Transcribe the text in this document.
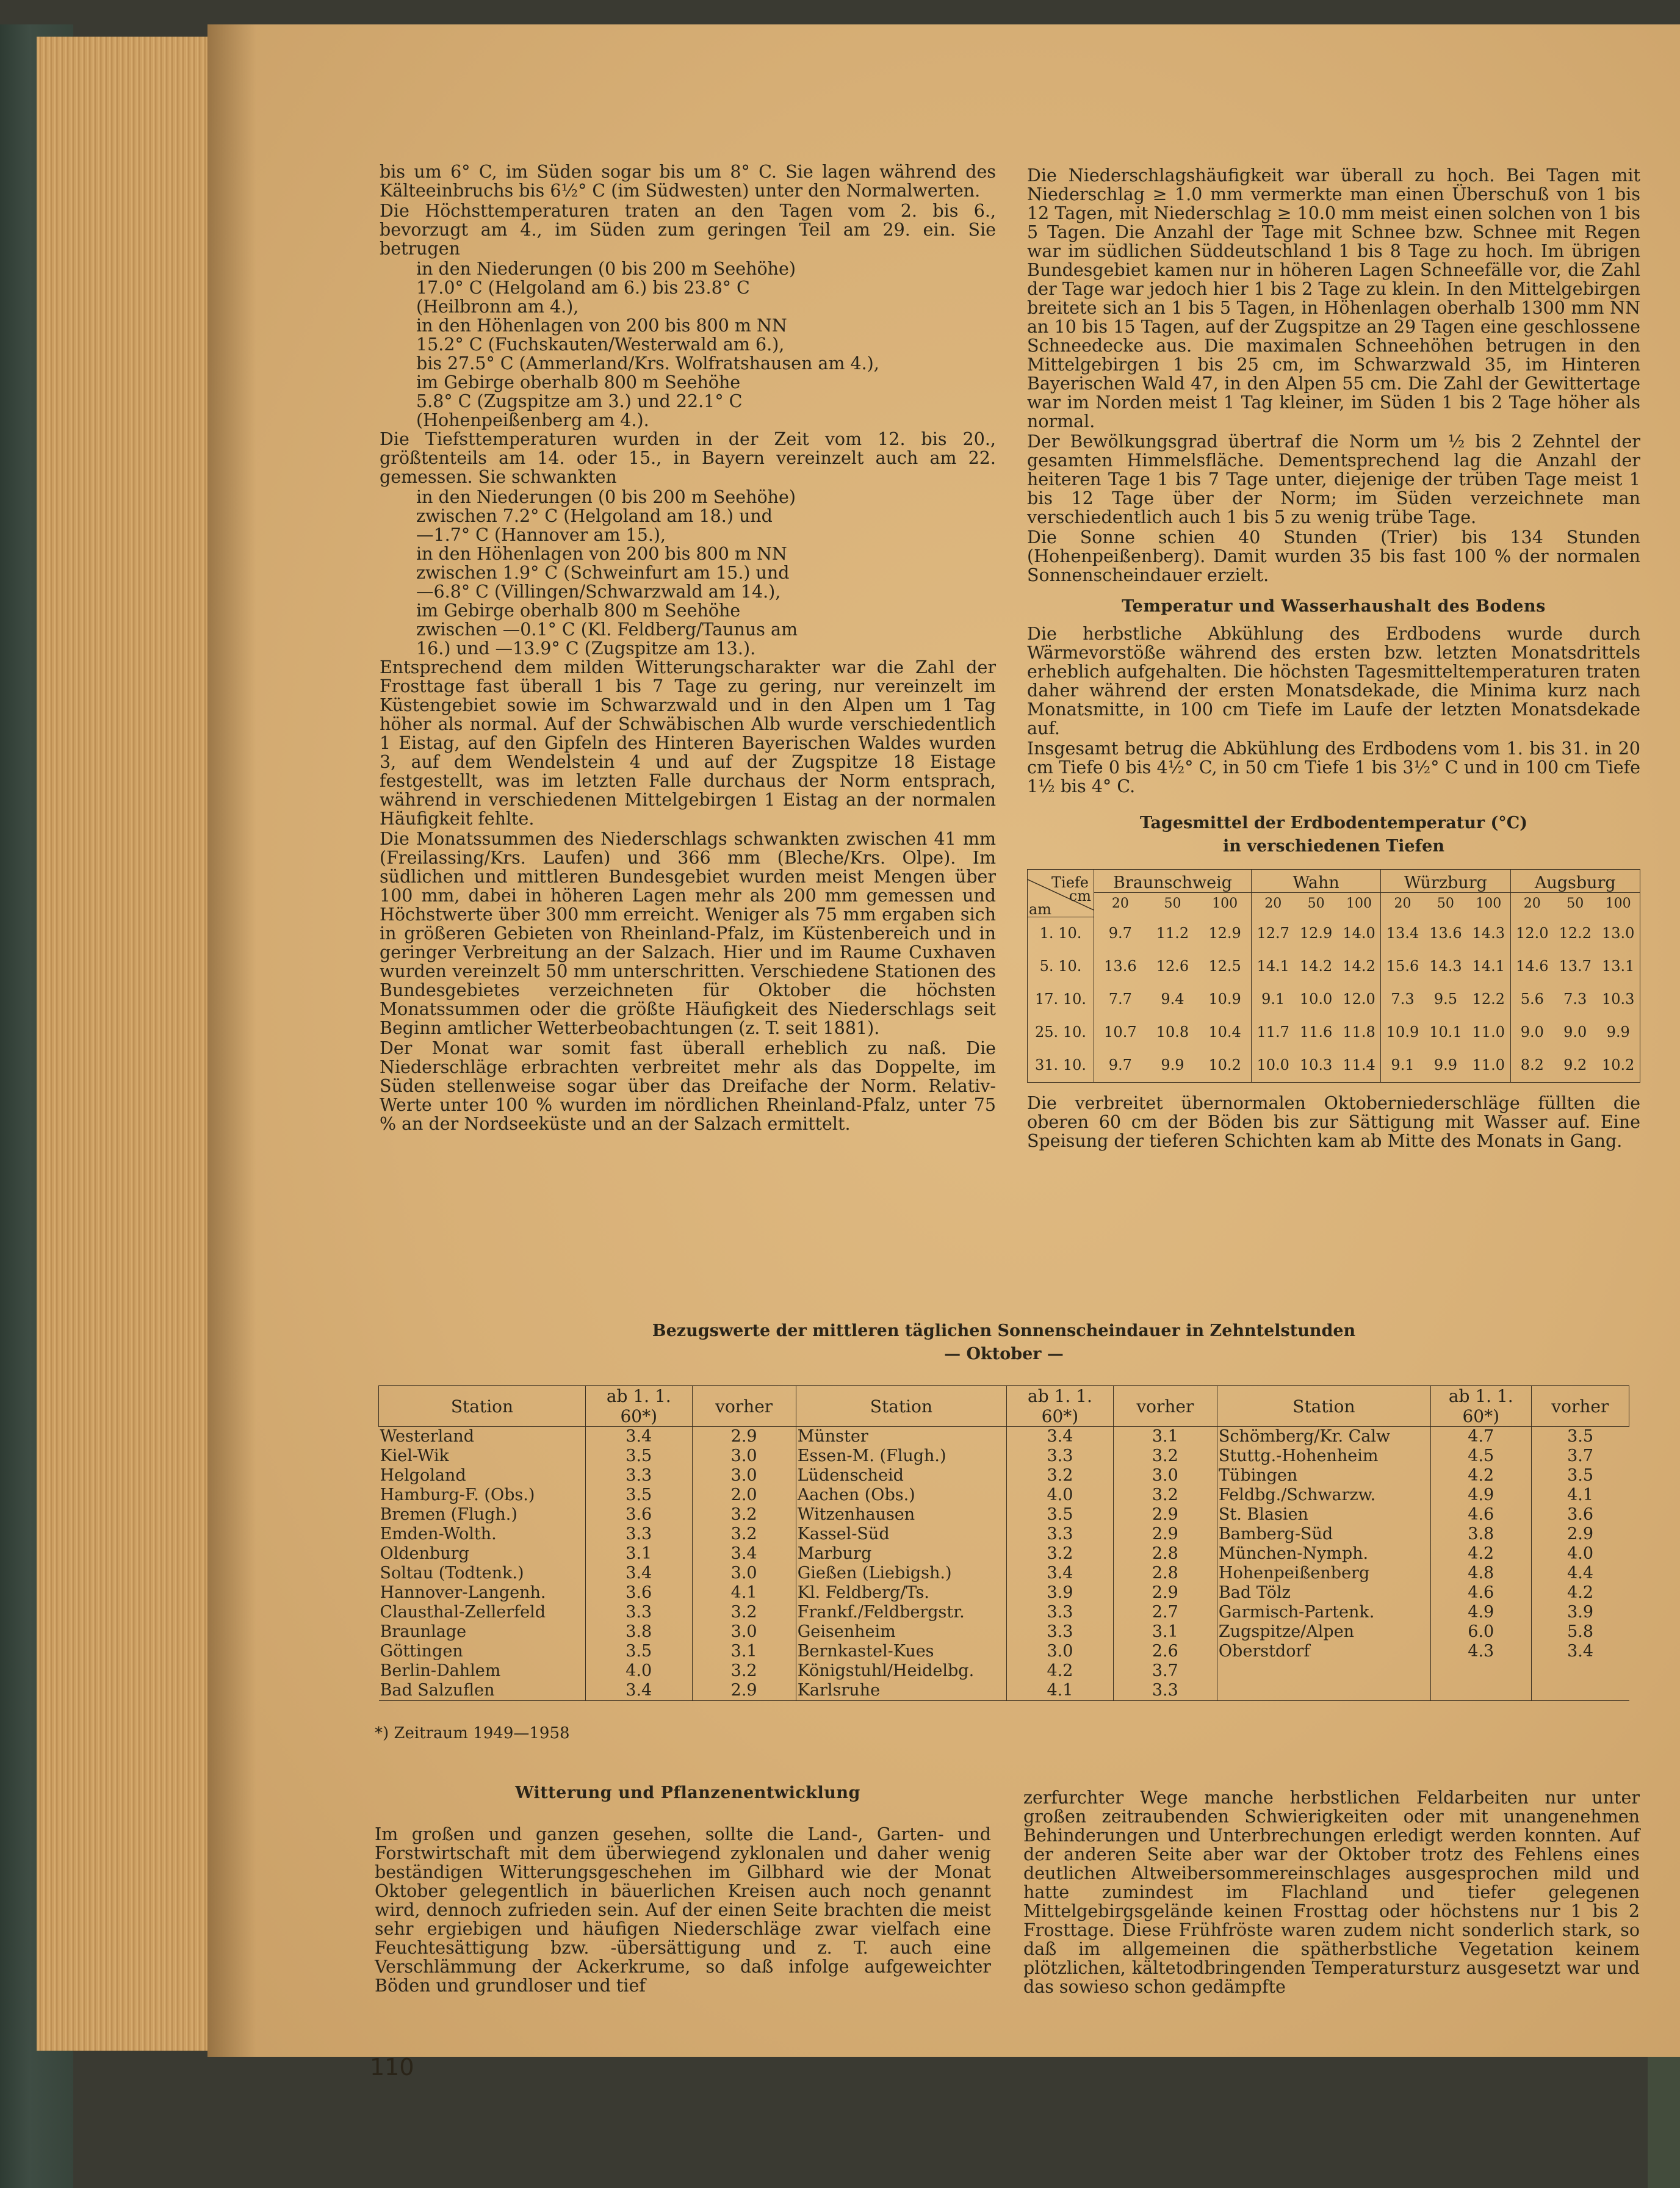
bis um 6° C, im Süden sogar bis um 8° C. Sie lagen während des Kälteeinbruchs bis 6½° C (im Südwesten) unter den Normalwerten.

Die Höchsttemperaturen traten an den Tagen vom 2. bis 6., bevorzugt am 4., im Süden zum geringen Teil am 29. ein. Sie betrugen

in den Niederungen (0 bis 200 m Seehöhe)
17.0° C (Helgoland am 6.) bis 23.8° C
(Heilbronn am 4.),
in den Höhenlagen von 200 bis 800 m NN
15.2° C (Fuchskauten/Westerwald am 6.),
bis 27.5° C (Ammerland/Krs. Wolfratshausen am 4.),
im Gebirge oberhalb 800 m Seehöhe
5.8° C (Zugspitze am 3.) und 22.1° C
(Hohenpeißenberg am 4.).

Die Tiefsttemperaturen wurden in der Zeit vom 12. bis 20., größtenteils am 14. oder 15., in Bayern vereinzelt auch am 22. gemessen. Sie schwankten

in den Niederungen (0 bis 200 m Seehöhe)
zwischen 7.2° C (Helgoland am 18.) und
—1.7° C (Hannover am 15.),
in den Höhenlagen von 200 bis 800 m NN
zwischen 1.9° C (Schweinfurt am 15.) und
—6.8° C (Villingen/Schwarzwald am 14.),
im Gebirge oberhalb 800 m Seehöhe
zwischen —0.1° C (Kl. Feldberg/Taunus am
16.) und —13.9° C (Zugspitze am 13.).

Entsprechend dem milden Witterungscharakter war die Zahl der Frosttage fast überall 1 bis 7 Tage zu gering, nur vereinzelt im Küstengebiet sowie im Schwarzwald und in den Alpen um 1 Tag höher als normal. Auf der Schwäbischen Alb wurde verschiedentlich 1 Eistag, auf den Gipfeln des Hinteren Bayerischen Waldes wurden 3, auf dem Wendelstein 4 und auf der Zugspitze 18 Eistage festgestellt, was im letzten Falle durchaus der Norm entsprach, während in verschiedenen Mittelgebirgen 1 Eistag an der normalen Häufigkeit fehlte.

Die Monatssummen des Niederschlags schwankten zwischen 41 mm (Freilassing/Krs. Laufen) und 366 mm (Bleche/Krs. Olpe). Im südlichen und mittleren Bundesgebiet wurden meist Mengen über 100 mm, dabei in höheren Lagen mehr als 200 mm gemessen und Höchstwerte über 300 mm erreicht. Weniger als 75 mm ergaben sich in größeren Gebieten von Rheinland-Pfalz, im Küstenbereich und in geringer Verbreitung an der Salzach. Hier und im Raume Cuxhaven wurden vereinzelt 50 mm unterschritten. Verschiedene Stationen des Bundesgebietes verzeichneten für Oktober die höchsten Monatssummen oder die größte Häufigkeit des Niederschlags seit Beginn amtlicher Wetterbeobachtungen (z. T. seit 1881).

Der Monat war somit fast überall erheblich zu naß. Die Niederschläge erbrachten verbreitet mehr als das Doppelte, im Süden stellenweise sogar über das Dreifache der Norm. Relativ-Werte unter 100 % wurden im nördlichen Rheinland-Pfalz, unter 75 % an der Nordseeküste und an der Salzach ermittelt.

Die Niederschlagshäufigkeit war überall zu hoch. Bei Tagen mit Niederschlag ≥ 1.0 mm vermerkte man einen Überschuß von 1 bis 12 Tagen, mit Niederschlag ≥ 10.0 mm meist einen solchen von 1 bis 5 Tagen. Die Anzahl der Tage mit Schnee bzw. Schnee mit Regen war im südlichen Süddeutschland 1 bis 8 Tage zu hoch. Im übrigen Bundesgebiet kamen nur in höheren Lagen Schneefälle vor, die Zahl der Tage war jedoch hier 1 bis 2 Tage zu klein. In den Mittelgebirgen breitete sich an 1 bis 5 Tagen, in Höhenlagen oberhalb 1300 mm NN an 10 bis 15 Tagen, auf der Zugspitze an 29 Tagen eine geschlossene Schneedecke aus. Die maximalen Schneehöhen betrugen in den Mittelgebirgen 1 bis 25 cm, im Schwarzwald 35, im Hinteren Bayerischen Wald 47, in den Alpen 55 cm. Die Zahl der Gewittertage war im Norden meist 1 Tag kleiner, im Süden 1 bis 2 Tage höher als normal.

Der Bewölkungsgrad übertraf die Norm um ½ bis 2 Zehntel der gesamten Himmelsfläche. Dementsprechend lag die Anzahl der heiteren Tage 1 bis 7 Tage unter, diejenige der trüben Tage meist 1 bis 12 Tage über der Norm; im Süden verzeichnete man verschiedentlich auch 1 bis 5 zu wenig trübe Tage.

Die Sonne schien 40 Stunden (Trier) bis 134 Stunden (Hohenpeißenberg). Damit wurden 35 bis fast 100 % der normalen Sonnenscheindauer erzielt.

Temperatur und Wasserhaushalt des Bodens

Die herbstliche Abkühlung des Erdbodens wurde durch Wärmevorstöße während des ersten bzw. letzten Monatsdrittels erheblich aufgehalten. Die höchsten Tagesmitteltemperaturen traten daher während der ersten Monatsdekade, die Minima kurz nach Monatsmitte, in 100 cm Tiefe im Laufe der letzten Monatsdekade auf.

Insgesamt betrug die Abkühlung des Erdbodens vom 1. bis 31. in 20 cm Tiefe 0 bis 4½° C, in 50 cm Tiefe 1 bis 3½° C und in 100 cm Tiefe 1½ bis 4° C.

Tagesmittel der Erdbodentemperatur (°C)
in verschiedenen Tiefen
Tiefe
cm
am	Braunschweig			Wahn			Würzburg			Augsburg		
	20	50	100	20	50	100	20	50	100	20	50	100
1. 10.	9.7	11.2	12.9	12.7	12.9	14.0	13.4	13.6	14.3	12.0	12.2	13.0
5. 10.	13.6	12.6	12.5	14.1	14.2	14.2	15.6	14.3	14.1	14.6	13.7	13.1
17. 10.	7.7	9.4	10.9	9.1	10.0	12.0	7.3	9.5	12.2	5.6	7.3	10.3
25. 10.	10.7	10.8	10.4	11.7	11.6	11.8	10.9	10.1	11.0	9.0	9.0	9.9
31. 10.	9.7	9.9	10.2	10.0	10.3	11.4	9.1	9.9	11.0	8.2	9.2	10.2

Die verbreitet übernormalen Oktoberniederschläge füllten die oberen 60 cm der Böden bis zur Sättigung mit Wasser auf. Eine Speisung der tieferen Schichten kam ab Mitte des Monats in Gang.

Bezugswerte der mittleren täglichen Sonnenscheindauer in Zehntelstunden
— Oktober —
Station	ab 1. 1. 60*)	vorher	Station	ab 1. 1. 60*)	vorher	Station	ab 1. 1. 60*)	vorher
Westerland	3.4	2.9	Münster	3.4	3.1	Schömberg/Kr. Calw	4.7	3.5
Kiel-Wik	3.5	3.0	Essen-M. (Flugh.)	3.3	3.2	Stuttg.-Hohenheim	4.5	3.7
Helgoland	3.3	3.0	Lüdenscheid	3.2	3.0	Tübingen	4.2	3.5
Hamburg-F. (Obs.)	3.5	2.0	Aachen (Obs.)	4.0	3.2	Feldbg./Schwarzw.	4.9	4.1
Bremen (Flugh.)	3.6	3.2	Witzenhausen	3.5	2.9	St. Blasien	4.6	3.6
Emden-Wolth.	3.3	3.2	Kassel-Süd	3.3	2.9	Bamberg-Süd	3.8	2.9
Oldenburg	3.1	3.4	Marburg	3.2	2.8	München-Nymph.	4.2	4.0
Soltau (Todtenk.)	3.4	3.0	Gießen (Liebigsh.)	3.4	2.8	Hohenpeißenberg	4.8	4.4
Hannover-Langenh.	3.6	4.1	Kl. Feldberg/Ts.	3.9	2.9	Bad Tölz	4.6	4.2
Clausthal-Zellerfeld	3.3	3.2	Frankf./Feldbergstr.	3.3	2.7	Garmisch-Partenk.	4.9	3.9
Braunlage	3.8	3.0	Geisenheim	3.3	3.1	Zugspitze/Alpen	6.0	5.8
Göttingen	3.5	3.1	Bernkastel-Kues	3.0	2.6	Oberstdorf	4.3	3.4
Berlin-Dahlem	4.0	3.2	Königstuhl/Heidelbg.	4.2	3.7			
Bad Salzuflen	3.4	2.9	Karlsruhe	4.1	3.3			
*) Zeitraum 1949—1958
Witterung und Pflanzenentwicklung

Im großen und ganzen gesehen, sollte die Land-, Garten- und Forstwirtschaft mit dem überwiegend zyklonalen und daher wenig beständigen Witterungsgeschehen im Gilbhard wie der Monat Oktober gelegentlich in bäuerlichen Kreisen auch noch genannt wird, dennoch zufrieden sein. Auf der einen Seite brachten die meist sehr ergiebigen und häufigen Niederschläge zwar vielfach eine Feuchtesättigung bzw. -übersättigung und z. T. auch eine Verschlämmung der Ackerkrume, so daß infolge aufgeweichter Böden und grundloser und tief

zerfurchter Wege manche herbstlichen Feldarbeiten nur unter großen zeitraubenden Schwierigkeiten oder mit unangenehmen Behinderungen und Unterbrechungen erledigt werden konnten. Auf der anderen Seite aber war der Oktober trotz des Fehlens eines deutlichen Altweibersommereinschlages ausgesprochen mild und hatte zumindest im Flachland und tiefer gelegenen Mittelgebirgsgelände keinen Frosttag oder höchstens nur 1 bis 2 Frosttage. Diese Frühfröste waren zudem nicht sonderlich stark, so daß im allgemeinen die spätherbstliche Vegetation keinem plötzlichen, kältetodbringenden Temperatursturz ausgesetzt war und das sowieso schon gedämpfte

110
